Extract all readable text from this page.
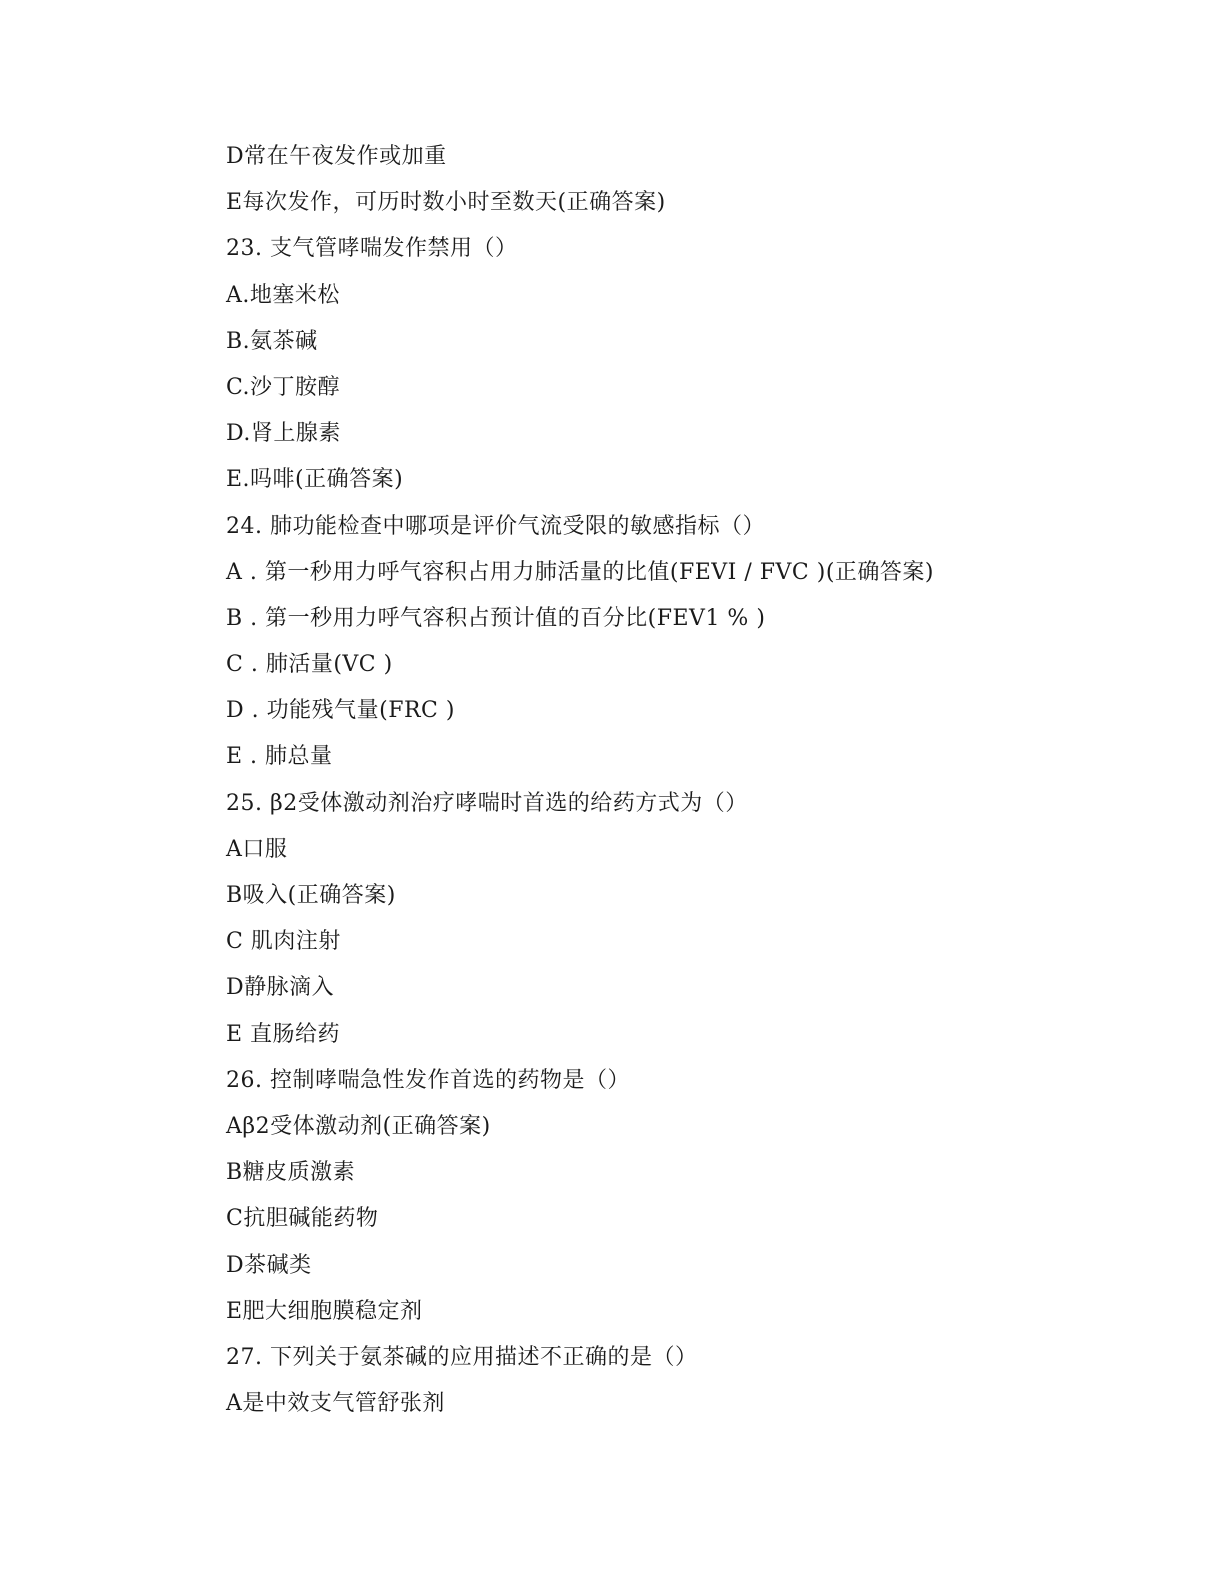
D常在午夜发作或加重
E每次发作，可历时数小时至数天(正确答案)
23. 支气管哮喘发作禁用（）
A.地塞米松
B.氨茶碱
C.沙丁胺醇
D.肾上腺素
E.吗啡(正确答案)
24. 肺功能检查中哪项是评价气流受限的敏感指标（）
A . 第一秒用力呼气容积占用力肺活量的比值(FEVI / FVC )(正确答案)
B . 第一秒用力呼气容积占预计值的百分比(FEV1 % )
C . 肺活量(VC )
D . 功能残气量(FRC )
E . 肺总量
25. β2受体激动剂治疗哮喘时首选的给药方式为（）
A口服
B吸入(正确答案)
C 肌肉注射
D静脉滴入
E 直肠给药
26. 控制哮喘急性发作首选的药物是（）
Aβ2受体激动剂(正确答案)
B糖皮质激素
C抗胆碱能药物
D茶碱类
E肥大细胞膜稳定剂
27. 下列关于氨茶碱的应用描述不正确的是（）
A是中效支气管舒张剂
